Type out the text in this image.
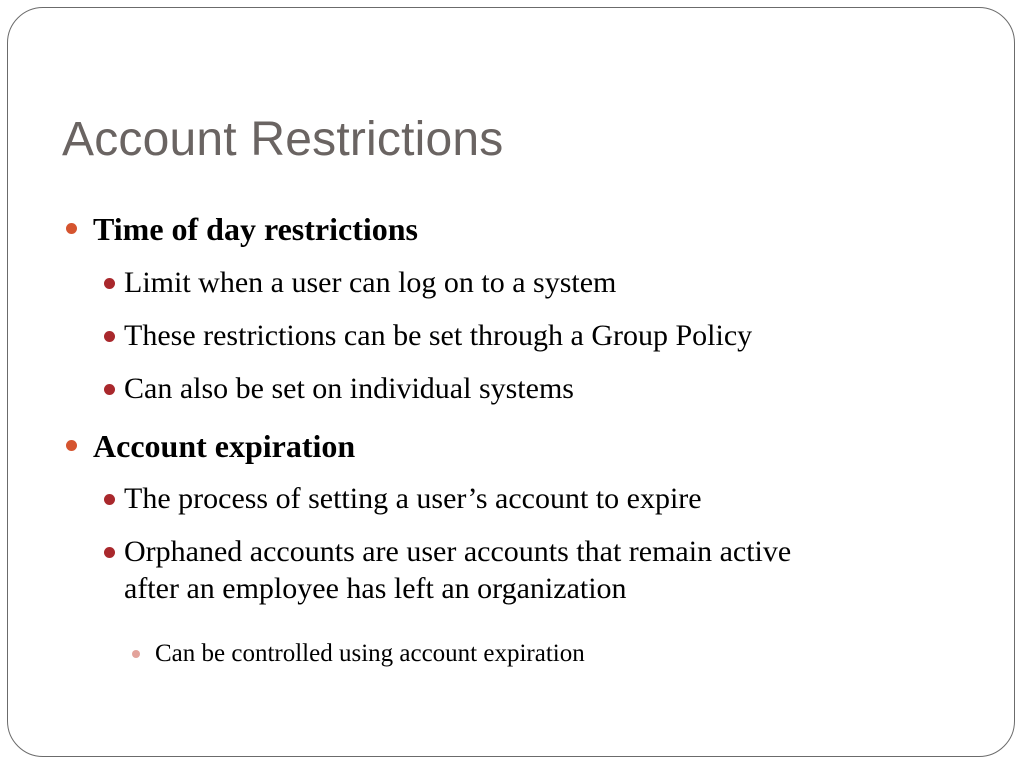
Account Restrictions
Time of day restrictions
Limit when a user can log on to a system
These restrictions can be set through a Group Policy
Can also be set on individual systems
Account expiration
The process of setting a user’s account to expire
Orphaned accounts are user accounts that remain active
after an employee has left an organization
Can be controlled using account expiration
